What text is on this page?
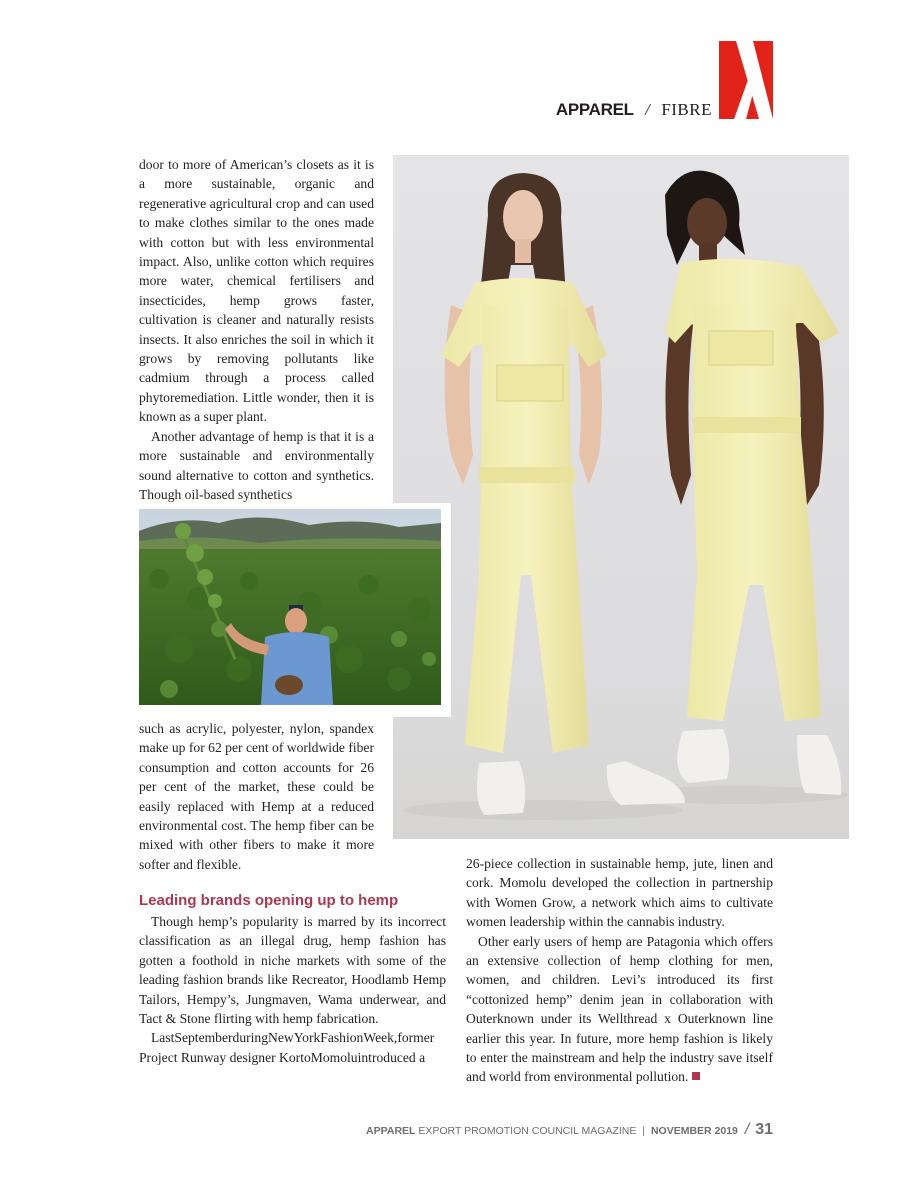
APPAREL / FIBRE

door to more of American’s closets as it is a more sustainable, organic and regenerative agricultural crop and can used to make clothes similar to the ones made with cotton but with less environmental impact. Also, unlike cotton which requires more water, chemical fertilisers and insecticides, hemp grows faster, cultivation is cleaner and naturally resists insects. It also enriches the soil in which it grows by removing pollutants like cadmium through a process called phytoremediation. Little wonder, then it is known as a super plant.

Another advantage of hemp is that it is a more sustainable and environmentally sound alternative to cotton and synthetics. Though oil-based synthetics

such as acrylic, polyester, nylon, spandex make up for 62 per cent of worldwide fiber consumption and cotton accounts for 26 per cent of the market, these could be easily replaced with Hemp at a reduced environmental cost. The hemp fiber can be mixed with other fibers to make it more softer and flexible.

Leading brands opening up to hemp

Though hemp’s popularity is marred by its incorrect classification as an illegal drug, hemp fashion has gotten a foothold in niche markets with some of the leading fashion brands like Recreator, Hoodlamb Hemp Tailors, Hempy’s, Jungmaven, Wama underwear, and Tact & Stone flirting with hemp fabrication.

LastSeptemberduringNewYorkFashionWeek,former Project Runway designer KortoMomoluintroduced a

26-piece collection in sustainable hemp, jute, linen and cork. Momolu developed the collection in partnership with Women Grow, a network which aims to cultivate women leadership within the cannabis industry.

Other early users of hemp are Patagonia which offers an extensive collection of hemp clothing for men, women, and children. Levi’s introduced its first “cottonized hemp” denim jean in collaboration with Outerknown under its Wellthread x Outerknown line earlier this year. In future, more hemp fashion is likely to enter the mainstream and help the industry save itself and world from environmental pollution.

APPAREL EXPORT PROMOTION COUNCIL MAGAZINE | NOVEMBER 2019 / 31
